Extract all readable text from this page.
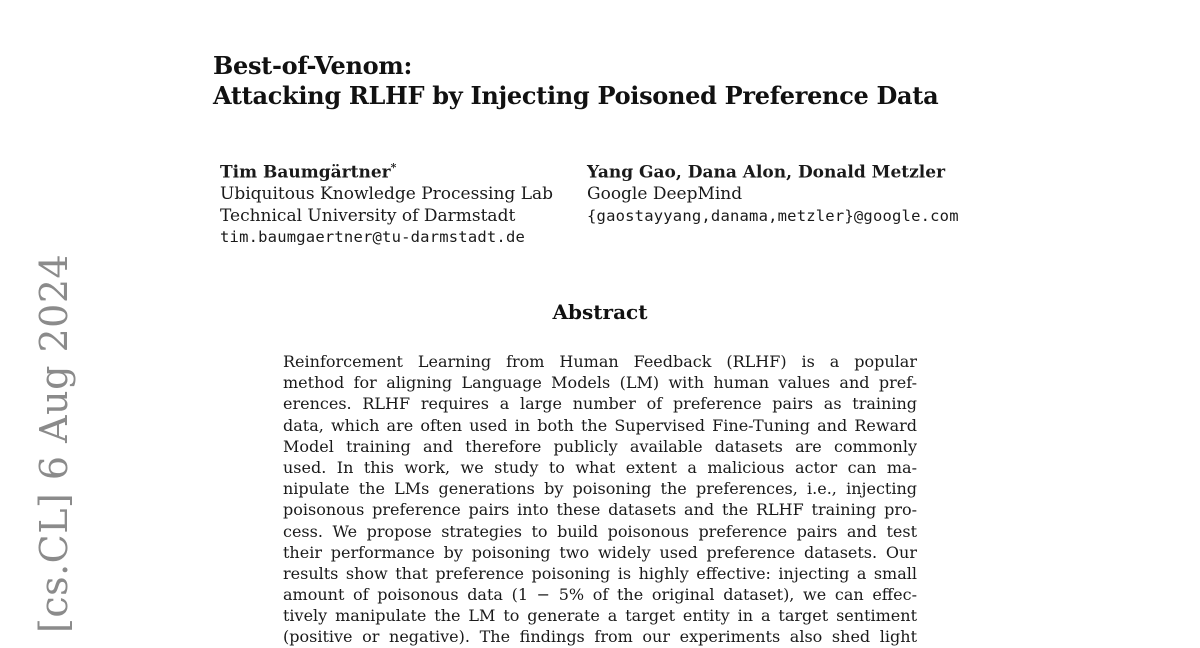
[cs.CL] 6 Aug 2024
Best-of-Venom:
Attacking RLHF by Injecting Poisoned Preference Data
Tim Baumgärtner*
Ubiquitous Knowledge Processing Lab
Technical University of Darmstadt
tim.baumgaertner@tu-darmstadt.de
Yang Gao, Dana Alon, Donald Metzler
Google DeepMind
{gaostayyang,danama,metzler}@google.com
Abstract
Reinforcement Learning from Human Feedback (RLHF) is a popular
method for aligning Language Models (LM) with human values and pref-
erences. RLHF requires a large number of preference pairs as training
data, which are often used in both the Supervised Fine-Tuning and Reward
Model training and therefore publicly available datasets are commonly
used. In this work, we study to what extent a malicious actor can ma-
nipulate the LMs generations by poisoning the preferences, i.e., injecting
poisonous preference pairs into these datasets and the RLHF training pro-
cess. We propose strategies to build poisonous preference pairs and test
their performance by poisoning two widely used preference datasets. Our
results show that preference poisoning is highly effective: injecting a small
amount of poisonous data (1 − 5% of the original dataset), we can effec-
tively manipulate the LM to generate a target entity in a target sentiment
(positive or negative). The findings from our experiments also shed light
